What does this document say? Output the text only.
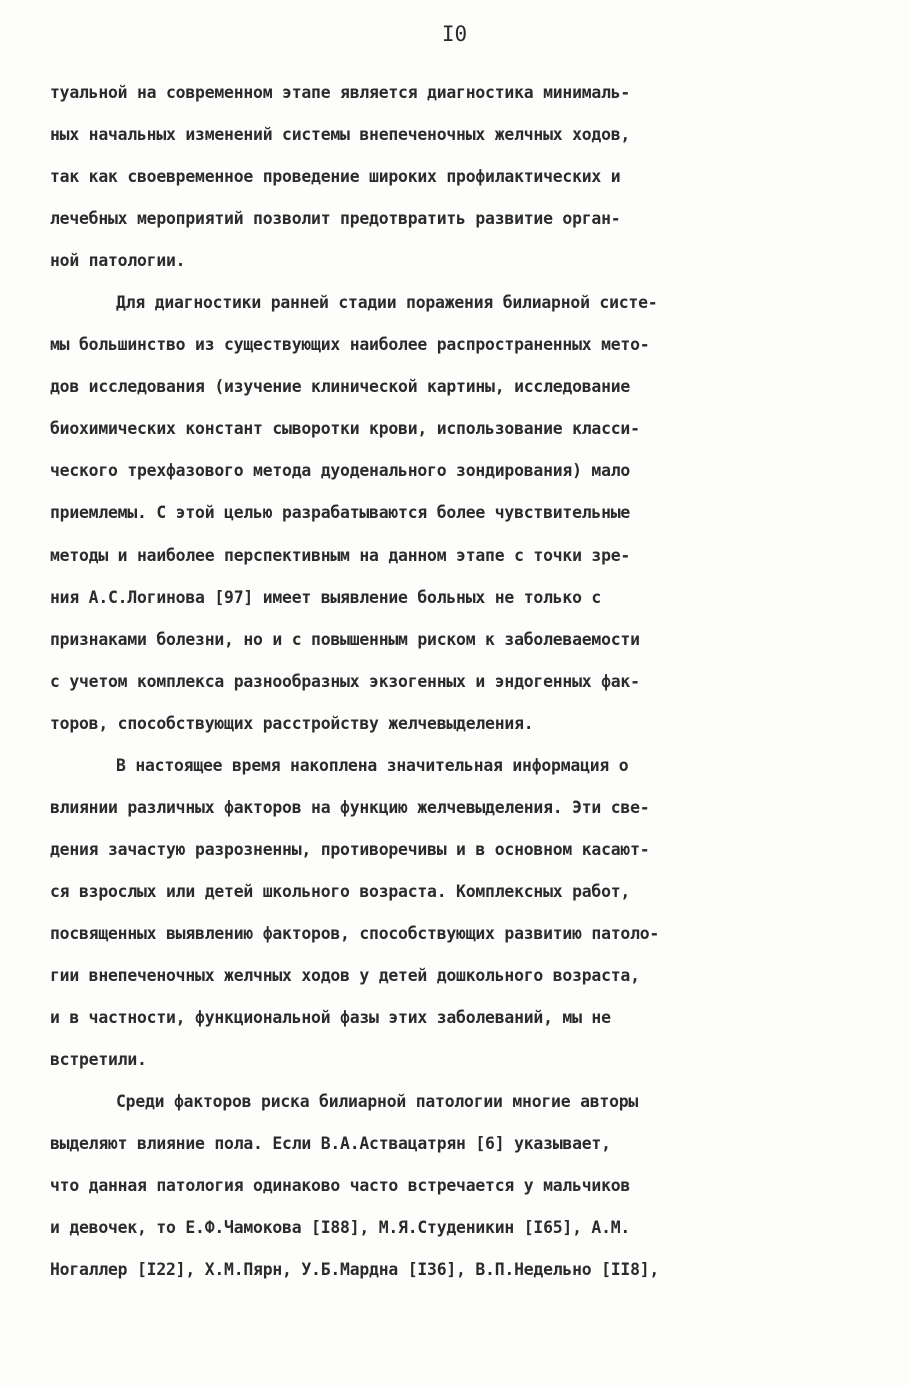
I0
туальной на современном этапе является диагностика минималь-
ных начальных изменений системы внепеченочных желчных ходов,
так как своевременное проведение широких профилактических и
лечебных мероприятий позволит предотвратить развитие орган-
ной патологии.
Для диагностики ранней стадии поражения билиарной систе-
мы большинство из существующих наиболее распространенных мето-
дов исследования (изучение клинической картины, исследование
биохимических констант сыворотки крови, использование класси-
ческого трехфазового метода дуоденального зондирования) мало
приемлемы. С этой целью разрабатываются более чувствительные
методы и наиболее перспективным на данном этапе с точки зре-
ния А.С.Логинова [97] имеет выявление больных не только с
признаками болезни, но и с повышенным риском к заболеваемости
с учетом комплекса разнообразных экзогенных и эндогенных фак-
торов, способствующих расстройству желчевыделения.
В настоящее время накоплена значительная информация о
влиянии различных факторов на функцию желчевыделения. Эти све-
дения зачастую разрозненны, противоречивы и в основном касают-
ся взрослых или детей школьного возраста. Комплексных работ,
посвященных выявлению факторов, способствующих развитию патоло-
гии внепеченочных желчных ходов у детей дошкольного возраста,
и в частности, функциональной фазы этих заболеваний, мы не
встретили.
Среди факторов риска билиарной патологии многие авторы
выделяют влияние пола. Если В.А.Аствацатрян [6] указывает,
что данная патология одинаково часто встречается у мальчиков
и девочек, то Е.Ф.Чамокова [I88], М.Я.Студеникин [I65], А.М.
Ногаллер [I22], Х.М.Пярн, У.Б.Мардна [I36], В.П.Недельно [II8],
